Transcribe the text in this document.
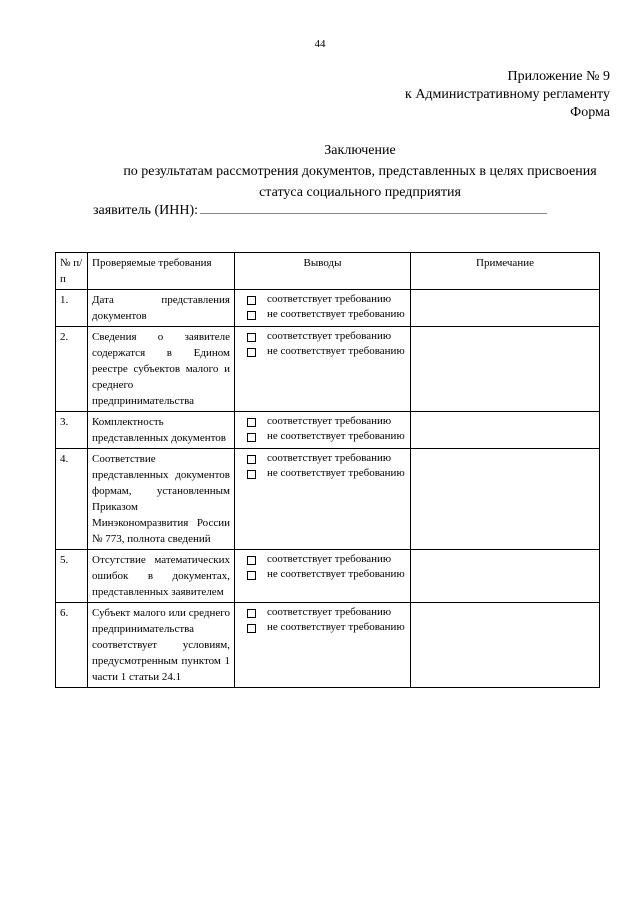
44
Приложение № 9
к Административному регламенту
Форма
Заключение
по результатам рассмотрения документов, представленных в целях присвоения
статуса социального предприятия
заявитель (ИНН):
№ п/п	Проверяемые требования	Выводы	Примечание
1.	Дата представления документов	соответствует требованию
не соответствует требованию	

2.	Сведения о заявителе содержатся в Едином реестре субъектов малого и среднего предпринимательства	соответствует требованию
не соответствует требованию	

3.	Комплектность представленных документов	соответствует требованию
не соответствует требованию	

4.	Соответствие представленных документов формам, установленным Приказом Минэкономразвития России № 773, полнота сведений	соответствует требованию
не соответствует требованию	

5.	Отсутствие математических ошибок в документах, представленных заявителем	соответствует требованию
не соответствует требованию	

6.	Субъект малого или среднего предпринимательства соответствует условиям, предусмотренным пунктом 1 части 1 статьи 24.1	соответствует требованию
не соответствует требованию	
